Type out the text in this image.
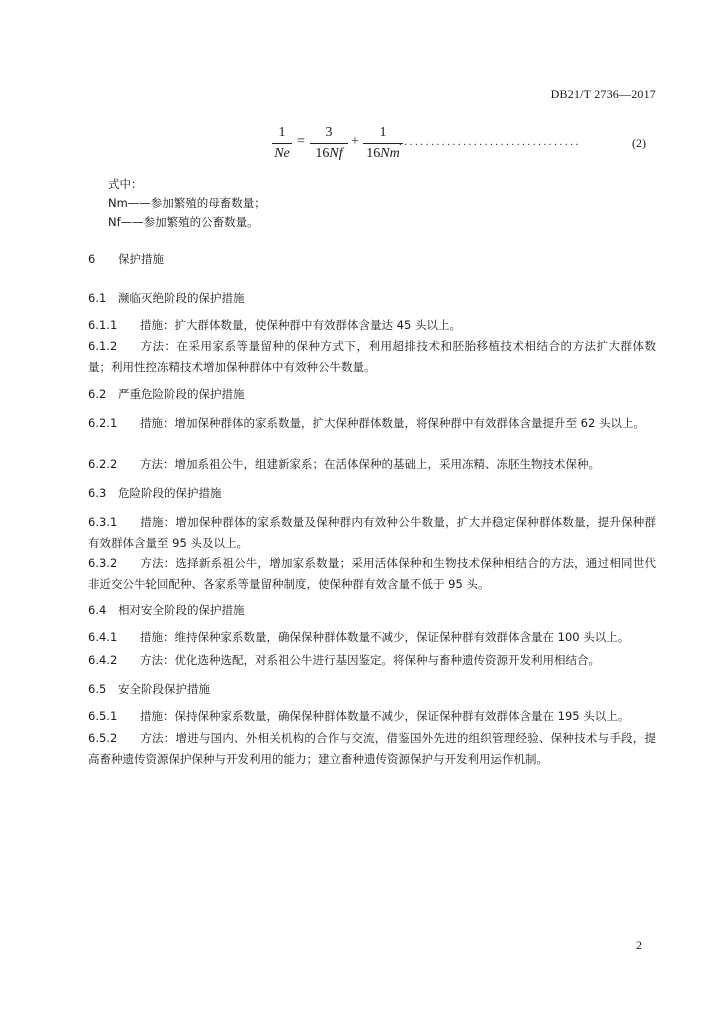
DB21/T 2736—2017
1
Ne
=
3
16Nf
+
1
16Nm
..................................	(2)
式中：
Nm——参加繁殖的母畜数量；
Nf——参加繁殖的公畜数量。
6 保护措施
6.1 濒临灭绝阶段的保护措施
6.1.1 措施：扩大群体数量，使保种群中有效群体含量达 45 头以上。
6.1.2 方法：在采用家系等量留种的保种方式下，利用超排技术和胚胎移植技术相结合的方法扩大群体数量；利用性控冻精技术增加保种群体中有效种公牛数量。
6.2 严重危险阶段的保护措施
6.2.1 措施：增加保种群体的家系数量，扩大保种群体数量，将保种群中有效群体含量提升至 62 头以上。
6.2.2 方法：增加系祖公牛，组建新家系；在活体保种的基础上，采用冻精、冻胚生物技术保种。
6.3 危险阶段的保护措施
6.3.1 措施：增加保种群体的家系数量及保种群内有效种公牛数量，扩大并稳定保种群体数量，提升保种群有效群体含量至 95 头及以上。
6.3.2 方法：选择新系祖公牛，增加家系数量；采用活体保种和生物技术保种相结合的方法，通过相同世代非近交公牛轮回配种、各家系等量留种制度，使保种群有效含量不低于 95 头。
6.4 相对安全阶段的保护措施
6.4.1 措施：维持保种家系数量，确保保种群体数量不减少，保证保种群有效群体含量在 100 头以上。
6.4.2 方法：优化选种选配，对系祖公牛进行基因鉴定。将保种与畜种遗传资源开发利用相结合。
6.5 安全阶段保护措施
6.5.1 措施：保持保种家系数量，确保保种群体数量不减少，保证保种群有效群体含量在 195 头以上。
6.5.2 方法：增进与国内、外相关机构的合作与交流，借鉴国外先进的组织管理经验、保种技术与手段，提高畜种遗传资源保护保种与开发利用的能力；建立畜种遗传资源保护与开发利用运作机制。
2
